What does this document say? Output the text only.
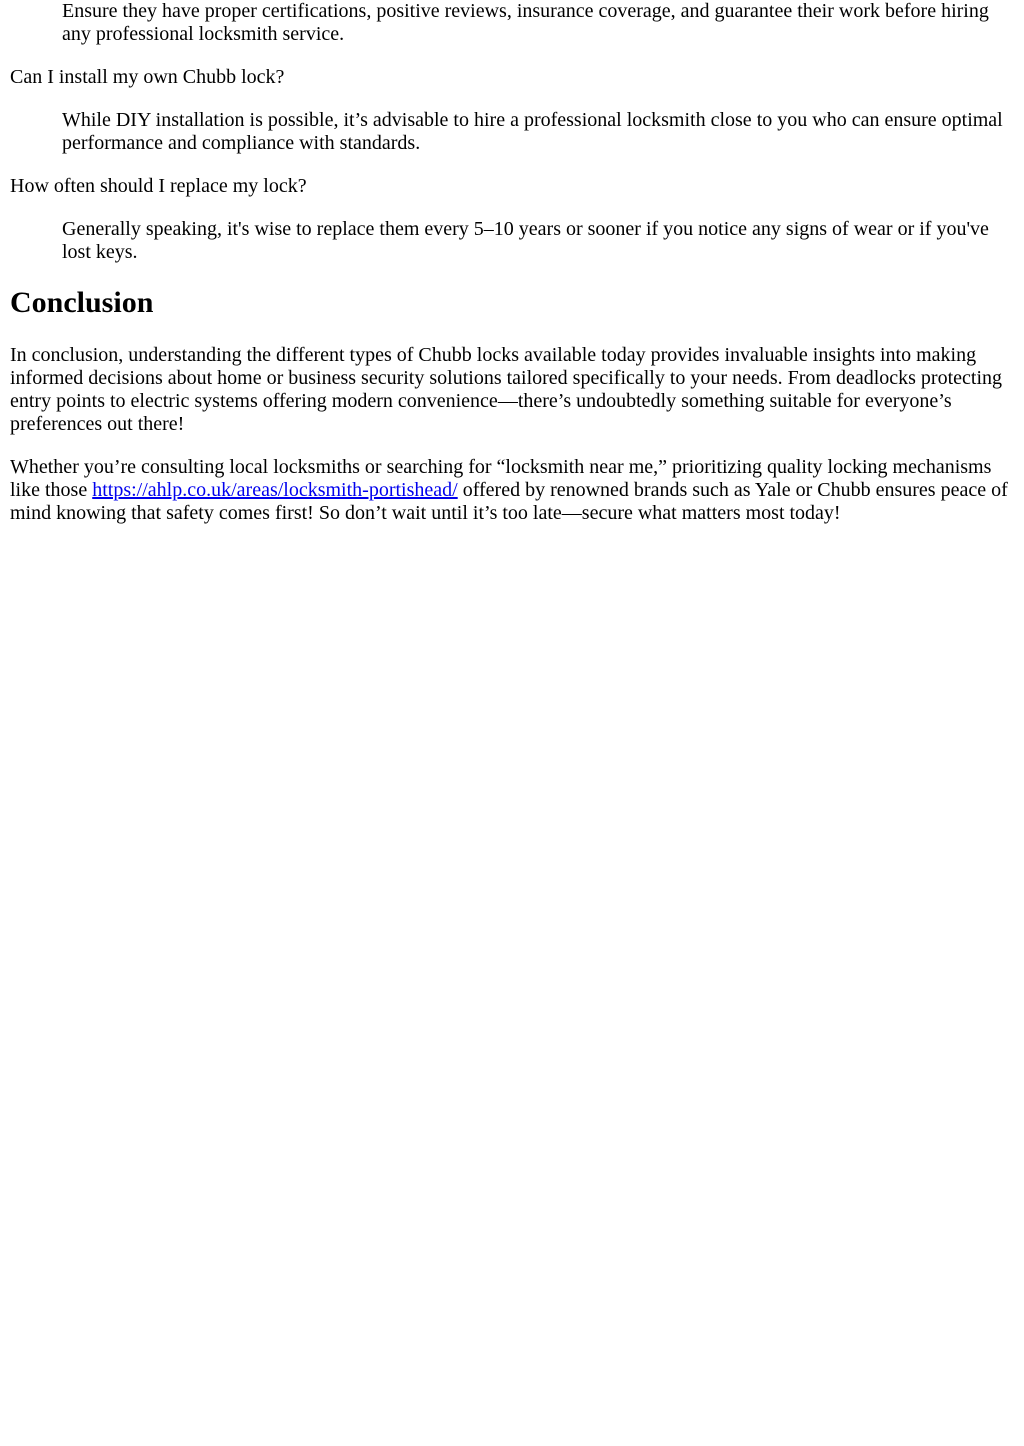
Ensure they have proper certifications, positive reviews, insurance coverage, and guarantee their work before hiring any professional locksmith service.
Can I install my own Chubb lock?
While DIY installation is possible, it’s advisable to hire a professional locksmith close to you who can ensure optimal performance and compliance with standards.
How often should I replace my lock?
Generally speaking, it's wise to replace them every 5–10 years or sooner if you notice any signs of wear or if you've lost keys.
Conclusion

In conclusion, understanding the different types of Chubb locks available today provides invaluable insights into making informed decisions about home or business security solutions tailored specifically to your needs. From deadlocks protecting entry points to electric systems offering modern convenience—there’s undoubtedly something suitable for everyone’s preferences out there!

Whether you’re consulting local locksmiths or searching for “locksmith near me,” prioritizing quality locking mechanisms like those https://ahlp.co.uk/areas/locksmith-portishead/ offered by renowned brands such as Yale or Chubb ensures peace of mind knowing that safety comes first! So don’t wait until it’s too late—secure what matters most today!
